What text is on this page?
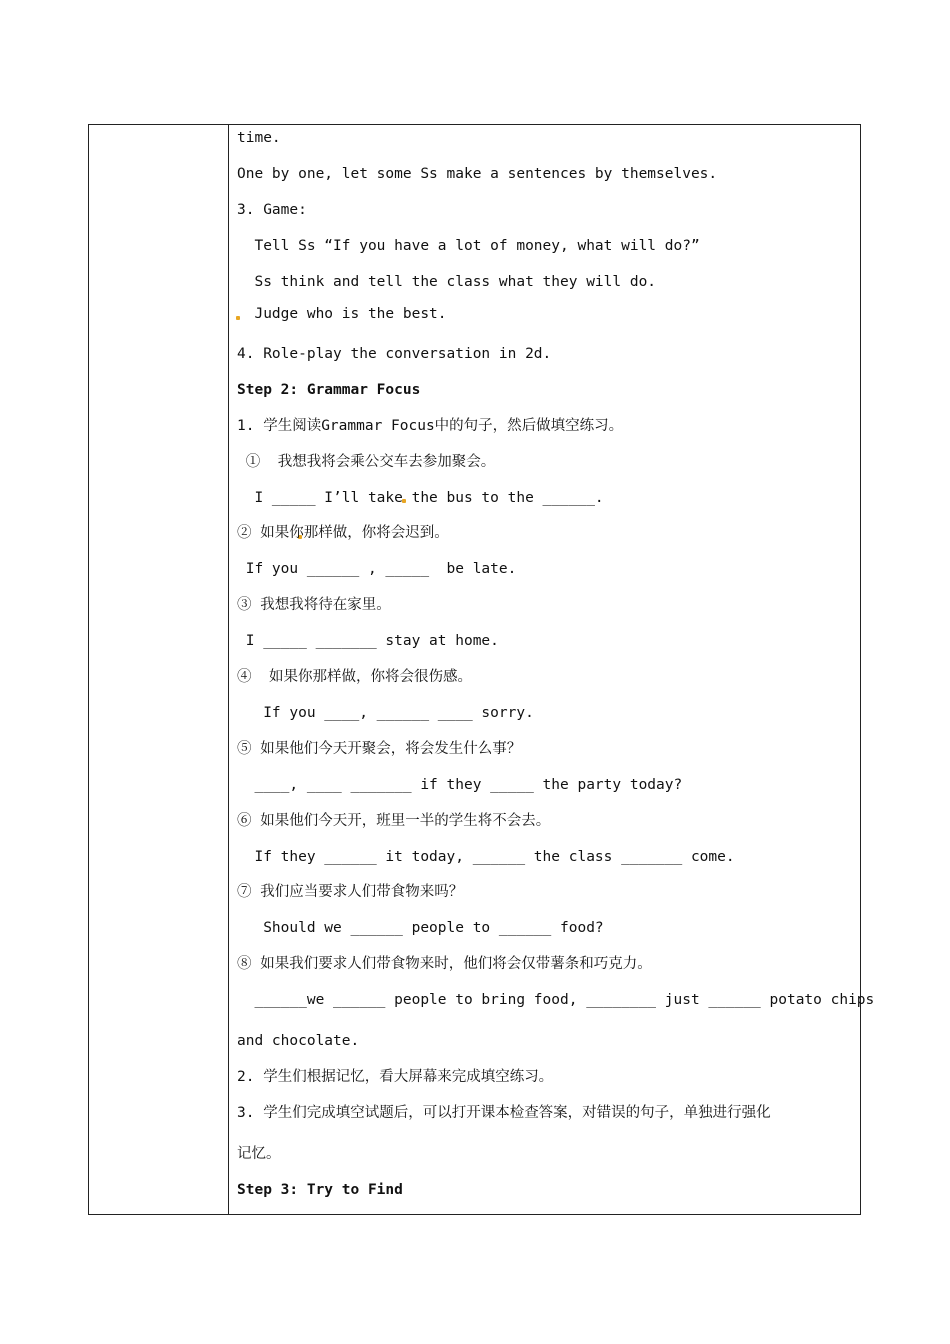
time.
One by one, let some Ss make a sentences by themselves.
3. Game:
Tell Ss “If you have a lot of money, what will do?”
Ss think and tell the class what they will do.
Judge who is the best.
4. Role-play the conversation in 2d.
Step 2: Grammar Focus
1. 学生阅读Grammar Focus中的句子，然后做填空练习。
①  我想我将会乘公交车去参加聚会。
I _____ I’ll take the bus to the ______.
② 如果你那样做，你将会迟到。
If you ______ , _____  be late.
③ 我想我将待在家里。
I _____ _______ stay at home.
④  如果你那样做，你将会很伤感。
If you ____, ______ ____ sorry.
⑤ 如果他们今天开聚会，将会发生什么事？
____, ____ _______ if they _____ the party today?
⑥ 如果他们今天开，班里一半的学生将不会去。
If they ______ it today, ______ the class _______ come.
⑦ 我们应当要求人们带食物来吗？
Should we ______ people to ______ food?
⑧ 如果我们要求人们带食物来时，他们将会仅带薯条和巧克力。
______we ______ people to bring food, ________ just ______ potato chips
and chocolate.
2. 学生们根据记忆，看大屏幕来完成填空练习。
3. 学生们完成填空试题后，可以打开课本检查答案，对错误的句子，单独进行强化
记忆。
Step 3: Try to Find
